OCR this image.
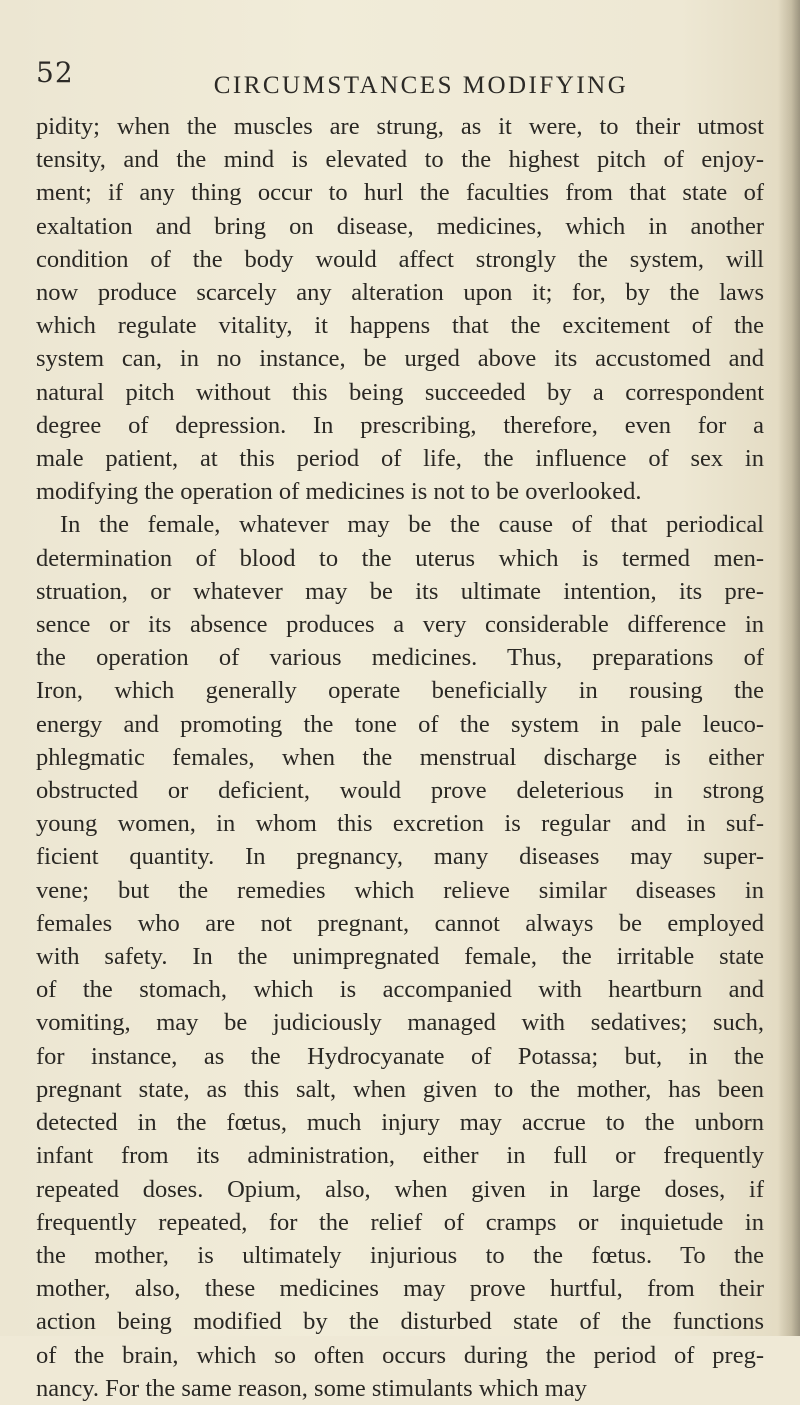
52	CIRCUMSTANCES MODIFYING
pidity; when the muscles are strung, as it were, to their utmost
tensity, and the mind is elevated to the highest pitch of enjoy-
ment; if any thing occur to hurl the faculties from that state of
exaltation and bring on disease, medicines, which in another
condition of the body would affect strongly the system, will
now produce scarcely any alteration upon it; for, by the laws
which regulate vitality, it happens that the excitement of the
system can, in no instance, be urged above its accustomed and
natural pitch without this being succeeded by a correspondent
degree of depression. In prescribing, therefore, even for a
male patient, at this period of life, the influence of sex in
modifying the operation of medicines is not to be overlooked.
In the female, whatever may be the cause of that periodical
determination of blood to the uterus which is termed men-
struation, or whatever may be its ultimate intention, its pre-
sence or its absence produces a very considerable difference in
the operation of various medicines. Thus, preparations of
Iron, which generally operate beneficially in rousing the
energy and promoting the tone of the system in pale leuco-
phlegmatic females, when the menstrual discharge is either
obstructed or deficient, would prove deleterious in strong
young women, in whom this excretion is regular and in suf-
ficient quantity. In pregnancy, many diseases may super-
vene; but the remedies which relieve similar diseases in
females who are not pregnant, cannot always be employed
with safety. In the unimpregnated female, the irritable state
of the stomach, which is accompanied with heartburn and
vomiting, may be judiciously managed with sedatives; such,
for instance, as the Hydrocyanate of Potassa; but, in the
pregnant state, as this salt, when given to the mother, has been
detected in the fœtus, much injury may accrue to the unborn
infant from its administration, either in full or frequently
repeated doses. Opium, also, when given in large doses, if
frequently repeated, for the relief of cramps or inquietude in
the mother, is ultimately injurious to the fœtus. To the
mother, also, these medicines may prove hurtful, from their
action being modified by the disturbed state of the functions
of the brain, which so often occurs during the period of preg-
nancy. For the same reason, some stimulants which may
